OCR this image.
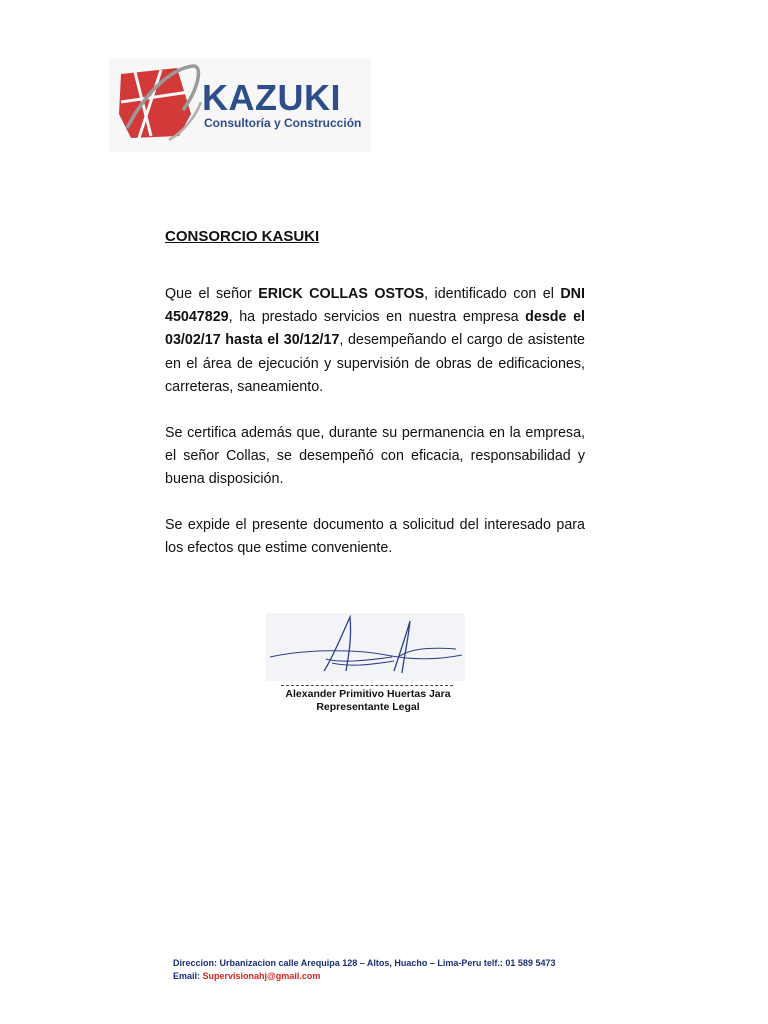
KAZUKI
Consultoría y Construcción
CONSORCIO KASUKI
Que el señor ERICK COLLAS OSTOS, identificado con el DNI 45047829, ha prestado servicios en nuestra empresa desde el 03/02/17 hasta el 30/12/17, desempeñando el cargo de asistente en el área de ejecución y supervisión de obras de edificaciones, carreteras, saneamiento.
Se certifica además que, durante su permanencia en la empresa, el señor Collas, se desempeñó con eficacia, responsabilidad y buena disposición.
Se expide el presente documento a solicitud del interesado para los efectos que estime conveniente.
Alexander Primitivo Huertas Jara
Representante Legal
Direccion: Urbanizacion calle Arequipa 128 – Altos, Huacho – Lima-Peru telf.: 01 589 5473
Email: Supervisionahj@gmail.com
